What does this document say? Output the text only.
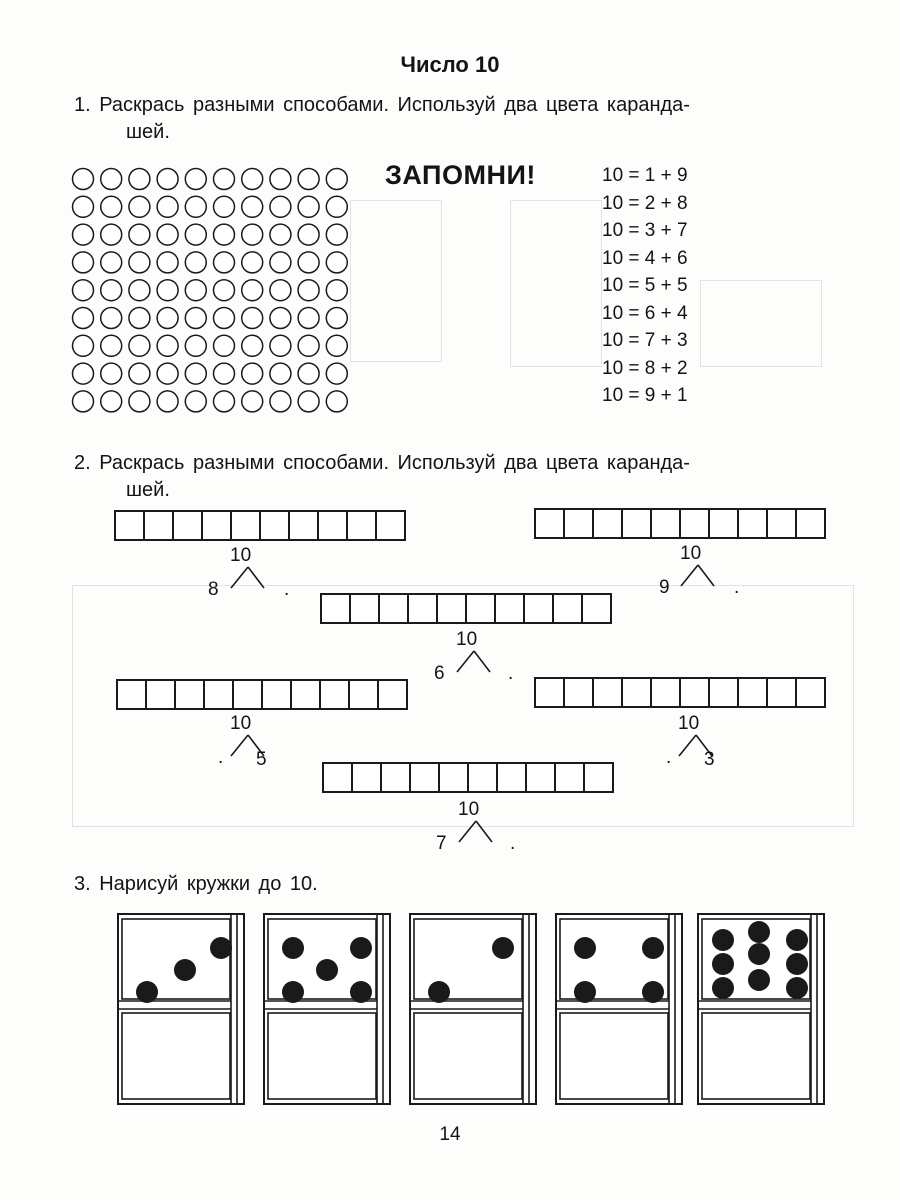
Число 10
1. Раскрась разными способами. Используй два цвета каранда-
шей.
ЗАПОМНИ!	10 = 1 + 9
10 = 2 + 8
10 = 3 + 7
10 = 4 + 6
10 = 5 + 5
10 = 6 + 4
10 = 7 + 3
10 = 8 + 2
10 = 9 + 1
2. Раскрась разными способами. Используй два цвета каранда-
шей.
10
8	.
10
9	.
10
6	.
10
. 5
10
. 3
10
7	.
3. Нарисуй кружки до 10.
14
